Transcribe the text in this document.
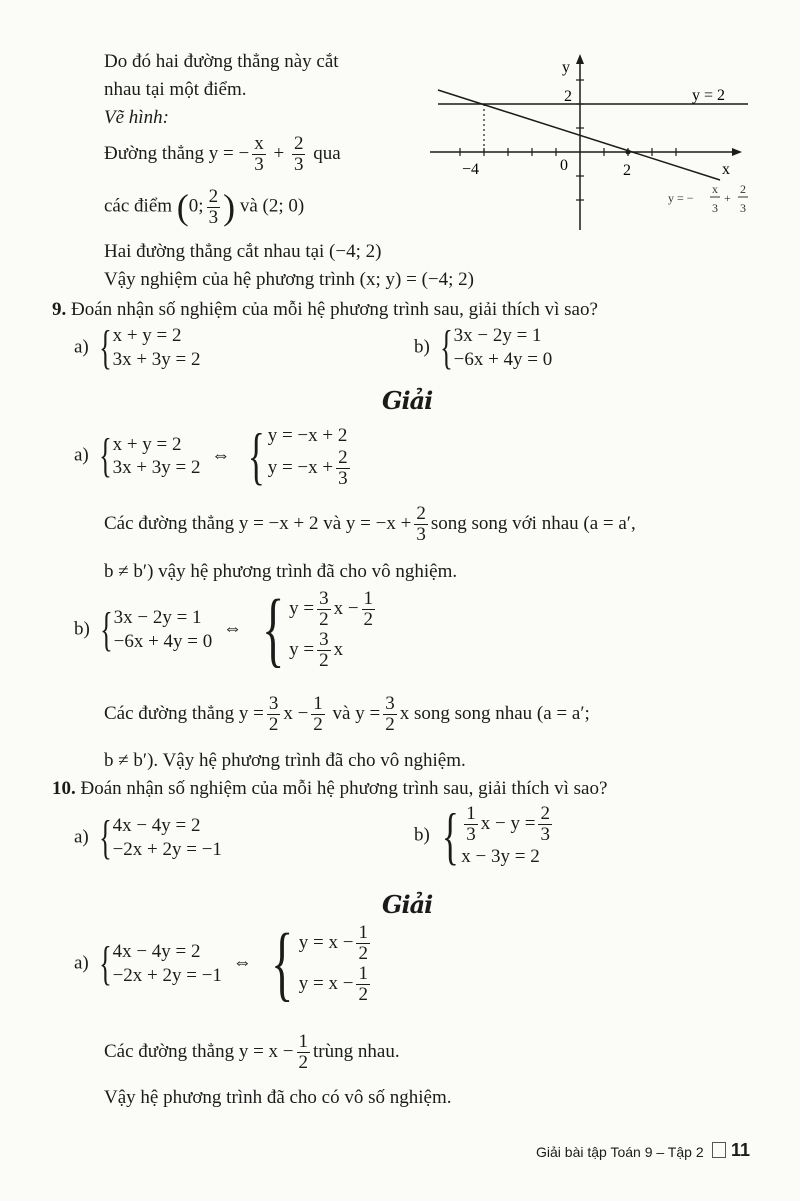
Do đó hai đường thẳng này cắt
nhau tại một điểm.
Vẽ hình:
Đường thẳng y = − $\frac{x}{3} + \frac{2}{3}$ qua
các điểm (0; $\frac{2}{3}$ ) và (2; 0)
Hai đường thẳng cắt nhau tại (−4; 2)
Vậy nghiệm của hệ phương trình (x; y) = (−4; 2)
y
x
2	y = 2
−4	0	2
y = −
x
3
+
2
3
9. Đoán nhận số nghiệm của mỗi hệ phương trình sau, giải thích vì sao?
a) { x + y = 2
3x + 3y = 2
b) { 3x − 2y = 1
−6x + 4y = 0
Giải
a) { x + y = 2
3x + 3y = 2
⇔ { y = −x + 2
$y = -x + \frac{2}{3}$
Các đường thẳng y = −x + 2 và $y = -x + \frac{2}{3}$ song song với nhau (a = a′,
b ≠ b′) vậy hệ phương trình đã cho vô nghiệm.
b) { 3x − 2y = 1
−6x + 4y = 0
⇔ { $y = \frac{3}{2}$ $x - \frac{1}{2}$
$y = \frac{3}{2}$ x
Các đường thẳng $y = \frac{3}{2}$ $x - \frac{1}{2}$ và $y = \frac{3}{2}$ x song song nhau (a = a′;
b ≠ b′). Vậy hệ phương trình đã cho vô nghiệm.
10. Đoán nhận số nghiệm của mỗi hệ phương trình sau, giải thích vì sao?
a) { 4x − 4y = 2
−2x + 2y = −1
b) { $\frac{1}{3}$ $x - y = \frac{2}{3}$
x − 3y = 2
Giải
a) { 4x − 4y = 2
−2x + 2y = −1
⇔ { $y = x - \frac{1}{2}$
$y = x - \frac{1}{2}$
Các đường thẳng $y = x - \frac{1}{2}$ trùng nhau.
Vậy hệ phương trình đã cho có vô số nghiệm.
Giải bài tập Toán 9 – Tập 2 11
